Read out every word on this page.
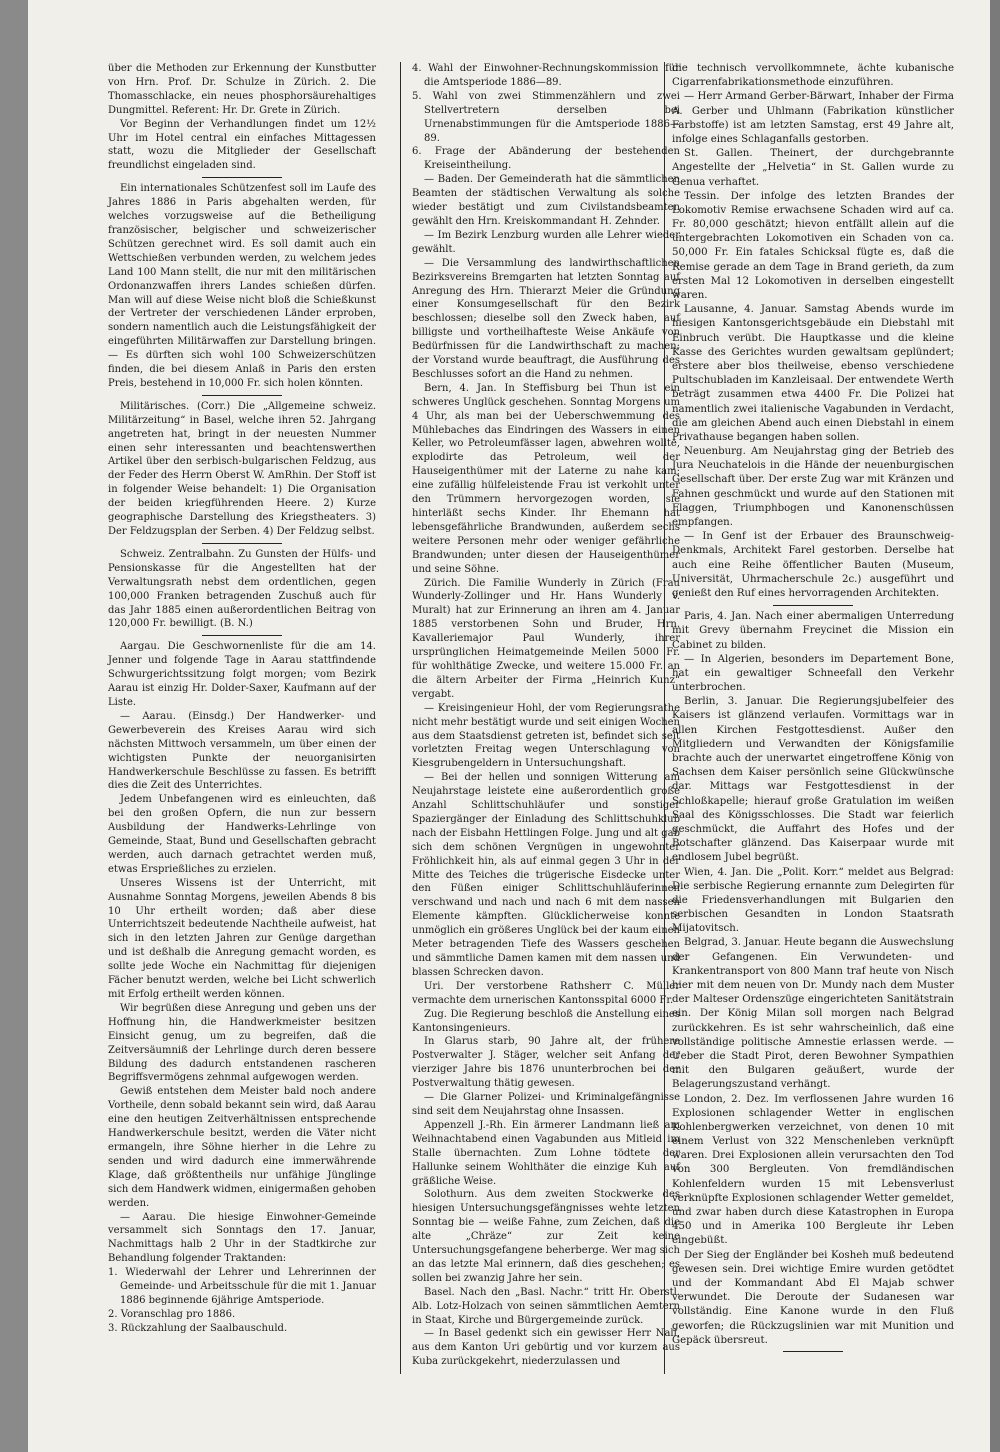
über die Methoden zur Erkennung der Kunstbutter von Hrn. Prof. Dr. Schulze in Zürich. 2. Die Thomasschlacke, ein neues phosphorsäurehaltiges Dungmittel. Referent: Hr. Dr. Grete in Zürich.

Vor Beginn der Verhandlungen findet um 12½ Uhr im Hotel central ein einfaches Mittagessen statt, wozu die Mitglieder der Gesellschaft freundlichst eingeladen sind.

Ein internationales Schützenfest soll im Laufe des Jahres 1886 in Paris abgehalten werden, für welches vorzugsweise auf die Betheiligung französischer, belgischer und schweizerischer Schützen gerechnet wird. Es soll damit auch ein Wettschießen verbunden werden, zu welchem jedes Land 100 Mann stellt, die nur mit den militärischen Ordonanzwaffen ihrers Landes schießen dürfen. Man will auf diese Weise nicht bloß die Schießkunst der Vertreter der verschiedenen Länder erproben, sondern namentlich auch die Leistungsfähigkeit der eingeführten Militärwaffen zur Darstellung bringen. — Es dürften sich wohl 100 Schweizerschützen finden, die bei diesem Anlaß in Paris den ersten Preis, bestehend in 10,000 Fr. sich holen könnten.

Militärisches. (Corr.) Die „Allgemeine schweiz. Militärzeitung“ in Basel, welche ihren 52. Jahrgang angetreten hat, bringt in der neuesten Nummer einen sehr interessanten und beachtenswerthen Artikel über den serbisch-bulgarischen Feldzug, aus der Feder des Herrn Oberst W. AmRhin. Der Stoff ist in folgender Weise behandelt: 1) Die Organisation der beiden kriegführenden Heere. 2) Kurze geographische Darstellung des Kriegstheaters. 3) Der Feldzugsplan der Serben. 4) Der Feldzug selbst.

Schweiz. Zentralbahn. Zu Gunsten der Hülfs- und Pensionskasse für die Angestellten hat der Verwaltungsrath nebst dem ordentlichen, gegen 100,000 Franken betragenden Zuschuß auch für das Jahr 1885 einen außerordentlichen Beitrag von 120,000 Fr. bewilligt. (B. N.)

Aargau. Die Geschwornenliste für die am 14. Jenner und folgende Tage in Aarau stattfindende Schwurgerichtssitzung folgt morgen; vom Bezirk Aarau ist einzig Hr. Dolder-Saxer, Kaufmann auf der Liste.

— Aarau. (Einsdg.) Der Handwerker- und Gewerbeverein des Kreises Aarau wird sich nächsten Mittwoch versammeln, um über einen der wichtigsten Punkte der neuorganisirten Handwerkerschule Beschlüsse zu fassen. Es betrifft dies die Zeit des Unterrichtes.

Jedem Unbefangenen wird es einleuchten, daß bei den großen Opfern, die nun zur bessern Ausbildung der Handwerks-Lehrlinge von Gemeinde, Staat, Bund und Gesellschaften gebracht werden, auch darnach getrachtet werden muß, etwas Ersprießliches zu erzielen.

Unseres Wissens ist der Unterricht, mit Ausnahme Sonntag Morgens, jeweilen Abends 8 bis 10 Uhr ertheilt worden; daß aber diese Unterrichtszeit bedeutende Nachtheile aufweist, hat sich in den letzten Jahren zur Genüge dargethan und ist deßhalb die Anregung gemacht worden, es sollte jede Woche ein Nachmittag für diejenigen Fächer benutzt werden, welche bei Licht schwerlich mit Erfolg ertheilt werden können.

Wir begrüßen diese Anregung und geben uns der Hoffnung hin, die Handwerkmeister besitzen Einsicht genug, um zu begreifen, daß die Zeitversäumniß der Lehrlinge durch deren bessere Bildung des dadurch entstandenen rascheren Begriffsvermögens zehnmal aufgewogen werden.

Gewiß entstehen dem Meister bald noch andere Vortheile, denn sobald bekannt sein wird, daß Aarau eine den heutigen Zeitverhältnissen entsprechende Handwerkerschule besitzt, werden die Väter nicht ermangeln, ihre Söhne hierher in die Lehre zu senden und wird dadurch eine immerwährende Klage, daß größtentheils nur unfähige Jünglinge sich dem Handwerk widmen, einigermaßen gehoben werden.

— Aarau. Die hiesige Einwohner-Gemeinde versammelt sich Sonntags den 17. Januar, Nachmittags halb 2 Uhr in der Stadtkirche zur Behandlung folgender Traktanden:

1. Wiederwahl der Lehrer und Lehrerinnen der Gemeinde- und Arbeitsschule für die mit 1. Januar 1886 beginnende 6jährige Amtsperiode.

2. Voranschlag pro 1886.

3. Rückzahlung der Saalbauschuld.

4. Wahl der Einwohner-Rechnungskommission für die Amtsperiode 1886—89.

5. Wahl von zwei Stimmenzählern und zwei Stellvertretern derselben bei Urnenabstimmungen für die Amtsperiode 1886—89.

6. Frage der Abänderung der bestehenden Kreiseintheilung.

— Baden. Der Gemeinderath hat die sämmtlichen Beamten der städtischen Verwaltung als solche wieder bestätigt und zum Civilstandsbeamten gewählt den Hrn. Kreiskommandant H. Zehnder.

— Im Bezirk Lenzburg wurden alle Lehrer wieder gewählt.

— Die Versammlung des landwirthschaftlichen Bezirksvereins Bremgarten hat letzten Sonntag auf Anregung des Hrn. Thierarzt Meier die Gründung einer Konsumgesellschaft für den Bezirk beschlossen; dieselbe soll den Zweck haben, auf billigste und vortheilhafteste Weise Ankäufe von Bedürfnissen für die Landwirthschaft zu machen; der Vorstand wurde beauftragt, die Ausführung des Beschlusses sofort an die Hand zu nehmen.

Bern, 4. Jan. In Steffisburg bei Thun ist ein schweres Unglück geschehen. Sonntag Morgens um 4 Uhr, als man bei der Ueberschwemmung des Mühlebaches das Eindringen des Wassers in einen Keller, wo Petroleumfässer lagen, abwehren wollte, explodirte das Petroleum, weil der Hauseigenthümer mit der Laterne zu nahe kam; eine zufällig hülfeleistende Frau ist verkohlt unter den Trümmern hervorgezogen worden, sie hinterläßt sechs Kinder. Ihr Ehemann hat lebensgefährliche Brandwunden, außerdem sechs weitere Personen mehr oder weniger gefährliche Brandwunden; unter diesen der Hauseigenthümer und seine Söhne.

Zürich. Die Familie Wunderly in Zürich (Frau Wunderly-Zollinger und Hr. Hans Wunderly v. Muralt) hat zur Erinnerung an ihren am 4. Januar 1885 verstorbenen Sohn und Bruder, Hrn. Kavalleriemajor Paul Wunderly, ihrer ursprünglichen Heimatgemeinde Meilen 5000 Fr. für wohlthätige Zwecke, und weitere 15.000 Fr. an die ältern Arbeiter der Firma „Heinrich Kunz“ vergabt.

— Kreisingenieur Hohl, der vom Regierungsrathe nicht mehr bestätigt wurde und seit einigen Wochen aus dem Staatsdienst getreten ist, befindet sich seit vorletzten Freitag wegen Unterschlagung von Kiesgrubengeldern in Untersuchungshaft.

— Bei der hellen und sonnigen Witterung am Neujahrstage leistete eine außerordentlich große Anzahl Schlittschuhläufer und sonstiger Spaziergänger der Einladung des Schlittschuhklub nach der Eisbahn Hettlingen Folge. Jung und alt gab sich dem schönen Vergnügen in ungewohnter Fröhlichkeit hin, als auf einmal gegen 3 Uhr in der Mitte des Teiches die trügerische Eisdecke unter den Füßen einiger Schlittschuhläuferinnen verschwand und nach und nach 6 mit dem nassen Elemente kämpften. Glücklicherweise konnte unmöglich ein größeres Unglück bei der kaum einen Meter betragenden Tiefe des Wassers geschehen und sämmtliche Damen kamen mit dem nassen und blassen Schrecken davon.

Uri. Der verstorbene Rathsherr C. Müller vermachte dem urnerischen Kantonsspital 6000 Fr.

Zug. Die Regierung beschloß die Anstellung eines Kantonsingenieurs.

In Glarus starb, 90 Jahre alt, der frühere Postverwalter J. Stäger, welcher seit Anfang der vierziger Jahre bis 1876 ununterbrochen bei der Postverwaltung thätig gewesen.

— Die Glarner Polizei- und Kriminalgefängnisse sind seit dem Neujahrstag ohne Insassen.

Appenzell J.-Rh. Ein ärmerer Landmann ließ am Weihnachtabend einen Vagabunden aus Mitleid im Stalle übernachten. Zum Lohne tödtete der Hallunke seinem Wohlthäter die einzige Kuh auf gräßliche Weise.

Solothurn. Aus dem zweiten Stockwerke des hiesigen Untersuchungsgefängnisses wehte letzten Sonntag bie — weiße Fahne, zum Zeichen, daß die alte „Chräze“ zur Zeit keine Untersuchungsgefangene beherberge. Wer mag sich an das letzte Mal erinnern, daß dies geschehen; es sollen bei zwanzig Jahre her sein.

Basel. Nach den „Basl. Nachr.“ tritt Hr. Oberstl. Alb. Lotz-Holzach von seinen sämmtlichen Aemtern in Staat, Kirche und Bürgergemeinde zurück.

— In Basel gedenkt sich ein gewisser Herr Nall, aus dem Kanton Uri gebürtig und vor kurzem aus Kuba zurückgekehrt, niederzulassen und

die technisch vervollkommnete, ächte kubanische Cigarrenfabrikationsmethode einzuführen.

— Herr Armand Gerber-Bärwart, Inhaber der Firma A. Gerber und Uhlmann (Fabrikation künstlicher Farbstoffe) ist am letzten Samstag, erst 49 Jahre alt, infolge eines Schlaganfalls gestorben.

St. Gallen. Theinert, der durchgebrannte Angestellte der „Helvetia“ in St. Gallen wurde zu Genua verhaftet.

Tessin. Der infolge des letzten Brandes der Lokomotiv Remise erwachsene Schaden wird auf ca. Fr. 80,000 geschätzt; hievon entfällt allein auf die untergebrachten Lokomotiven ein Schaden von ca. 50,000 Fr. Ein fatales Schicksal fügte es, daß die Remise gerade an dem Tage in Brand gerieth, da zum ersten Mal 12 Lokomotiven in derselben eingestellt waren.

Lausanne, 4. Januar. Samstag Abends wurde im hiesigen Kantonsgerichtsgebäude ein Diebstahl mit Einbruch verübt. Die Hauptkasse und die kleine Kasse des Gerichtes wurden gewaltsam geplündert; erstere aber blos theilweise, ebenso verschiedene Pultschubladen im Kanzleisaal. Der entwendete Werth beträgt zusammen etwa 4400 Fr. Die Polizei hat namentlich zwei italienische Vagabunden in Verdacht, die am gleichen Abend auch einen Diebstahl in einem Privathause begangen haben sollen.

Neuenburg. Am Neujahrstag ging der Betrieb des Jura Neuchatelois in die Hände der neuenburgischen Gesellschaft über. Der erste Zug war mit Kränzen und Fahnen geschmückt und wurde auf den Stationen mit Flaggen, Triumphbogen und Kanonenschüssen empfangen.

— In Genf ist der Erbauer des Braunschweig-Denkmals, Architekt Farel gestorben. Derselbe hat auch eine Reihe öffentlicher Bauten (Museum, Universität, Uhrmacherschule 2c.) ausgeführt und genießt den Ruf eines hervorragenden Architekten.

Paris, 4. Jan. Nach einer abermaligen Unterredung mit Grevy übernahm Freycinet die Mission ein Cabinet zu bilden.

— In Algerien, besonders im Departement Bone, hat ein gewaltiger Schneefall den Verkehr unterbrochen.

Berlin, 3. Januar. Die Regierungsjubelfeier des Kaisers ist glänzend verlaufen. Vormittags war in allen Kirchen Festgottesdienst. Außer den Mitgliedern und Verwandten der Königsfamilie brachte auch der unerwartet eingetroffene König von Sachsen dem Kaiser persönlich seine Glückwünsche dar. Mittags war Festgottesdienst in der Schloßkapelle; hierauf große Gratulation im weißen Saal des Königsschlosses. Die Stadt war feierlich geschmückt, die Auffahrt des Hofes und der Botschafter glänzend. Das Kaiserpaar wurde mit endlosem Jubel begrüßt.

Wien, 4. Jan. Die „Polit. Korr.“ meldet aus Belgrad: Die serbische Regierung ernannte zum Delegirten für die Friedensverhandlungen mit Bulgarien den serbischen Gesandten in London Staatsrath Mijatovitsch.

Belgrad, 3. Januar. Heute begann die Auswechslung der Gefangenen. Ein Verwundeten- und Krankentransport von 800 Mann traf heute von Nisch hier mit dem neuen von Dr. Mundy nach dem Muster der Malteser Ordenszüge eingerichteten Sanitätstrain ein. Der König Milan soll morgen nach Belgrad zurückkehren. Es ist sehr wahrscheinlich, daß eine vollständige politische Amnestie erlassen werde. — Ueber die Stadt Pirot, deren Bewohner Sympathien mit den Bulgaren geäußert, wurde der Belagerungszustand verhängt.

London, 2. Dez. Im verflossenen Jahre wurden 16 Explosionen schlagender Wetter in englischen Kohlenbergwerken verzeichnet, von denen 10 mit einem Verlust von 322 Menschenleben verknüpft waren. Drei Explosionen allein verursachten den Tod von 300 Bergleuten. Von fremdländischen Kohlenfeldern wurden 15 mit Lebensverlust verknüpfte Explosionen schlagender Wetter gemeldet, und zwar haben durch diese Katastrophen in Europa 450 und in Amerika 100 Bergleute ihr Leben eingebüßt.

Der Sieg der Engländer bei Kosheh muß bedeutend gewesen sein. Drei wichtige Emire wurden getödtet und der Kommandant Abd El Majab schwer verwundet. Die Deroute der Sudanesen war vollständig. Eine Kanone wurde in den Fluß geworfen; die Rückzugslinien war mit Munition und Gepäck übersreut.
